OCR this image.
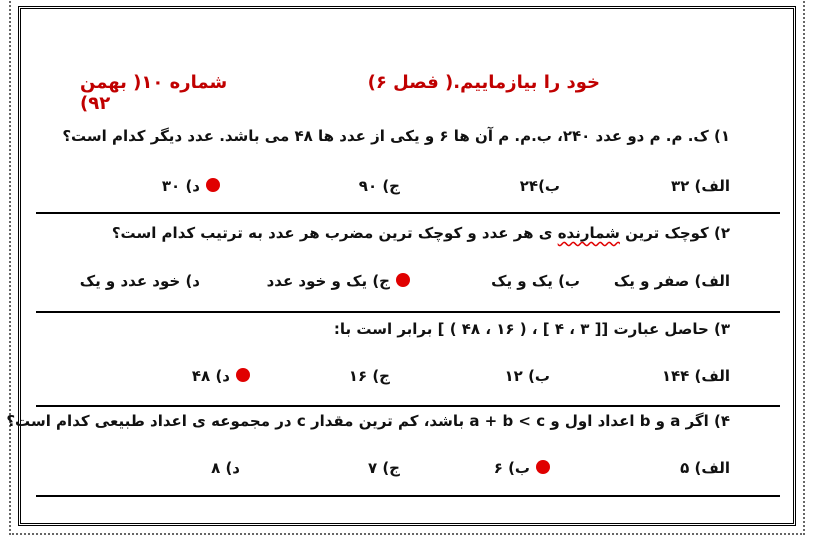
خود را بیازماییم.( فصل ۶)
شماره ۱۰( بهمن ۹۲)
۱) ک. م. م دو عدد ۲۴۰، ب.م. م آن ها ۶ و یکی از عدد ها ۴۸ می باشد. عدد دیگر کدام است؟
الف) ۳۲
ب)۲۴
ج) ۹۰
د) ۳۰
۲) کوچک ترین شمارنده ی هر عدد و کوچک ترین مضرب هر عدد به ترتیب کدام است؟
الف) صفر و یک
ب) یک و یک
ج) یک و خود عدد
د) خود عدد و یک
۳) حاصل عبارت [[ ۳ ، ۴ ] ، ( ۱۶ ، ۴۸ ) ] برابر است با:
الف) ۱۴۴
ب) ۱۲
ج) ۱۶
د) ۴۸
۴) اگر a و b اعداد اول و a + b < c باشد، کم ترین مقدار c در مجموعه ی اعداد طبیعی کدام است؟
الف) ۵
ب) ۶
ج) ۷
د) ۸
